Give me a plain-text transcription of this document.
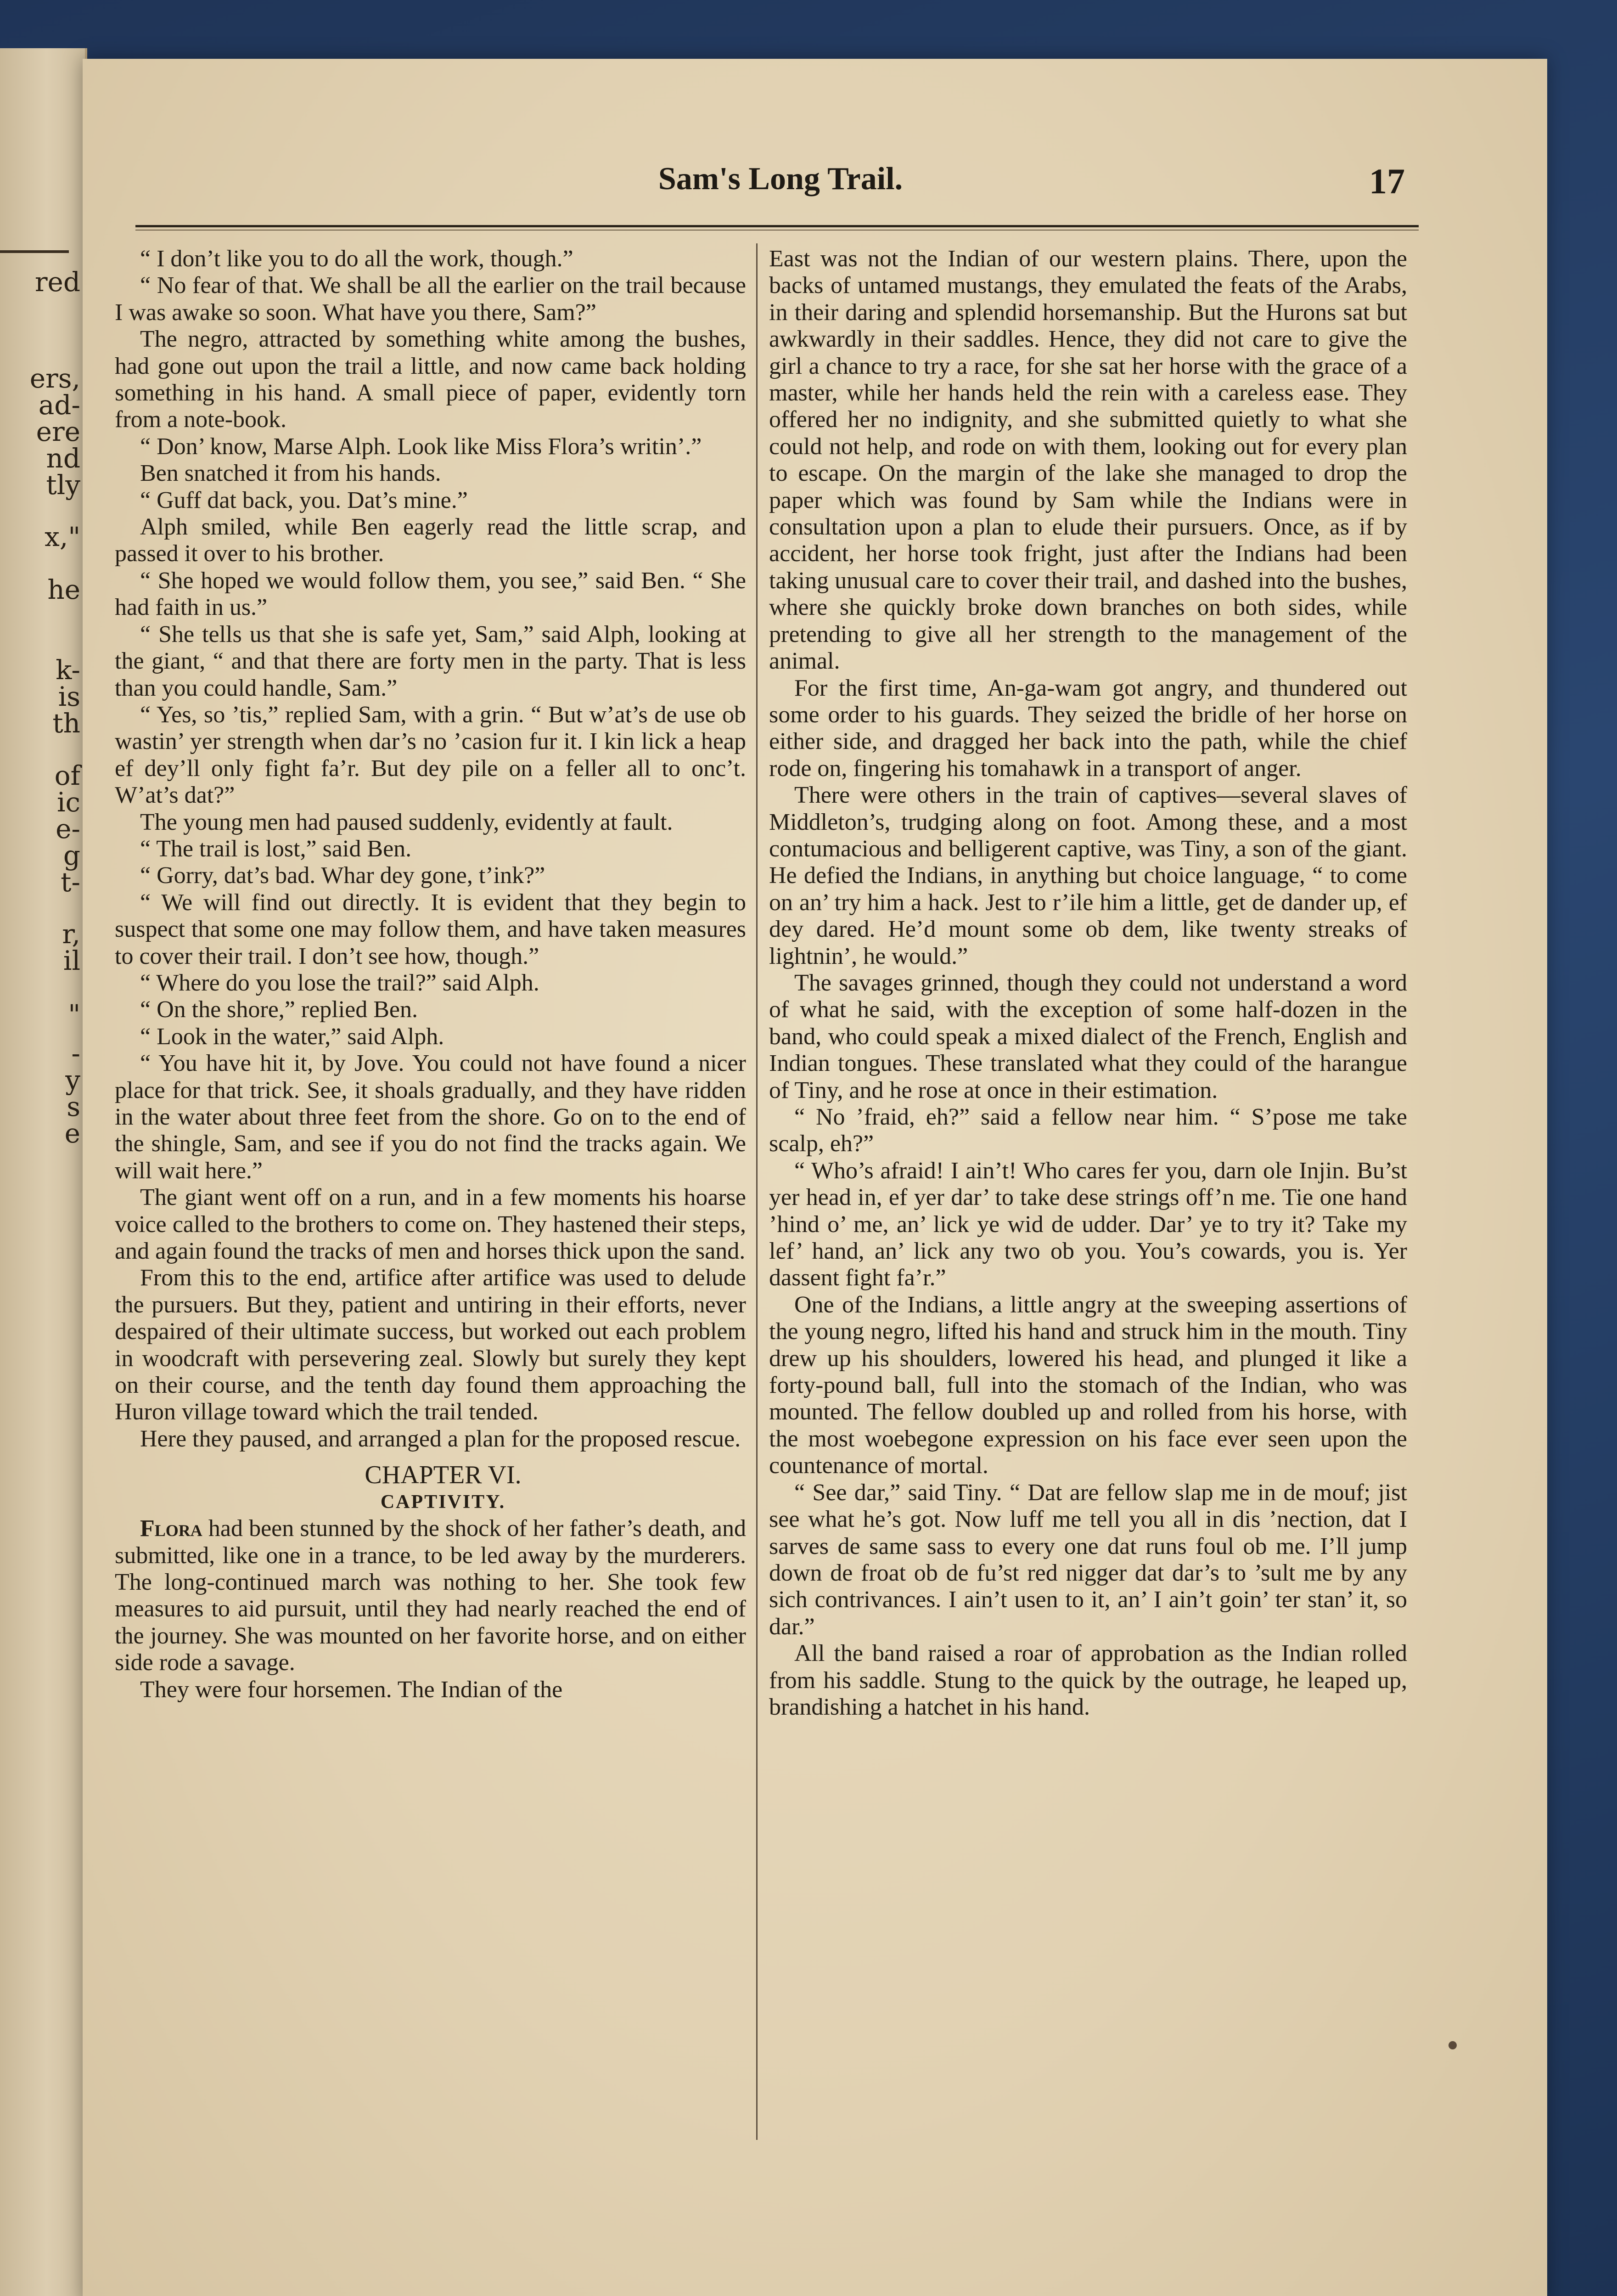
red
ers,
ad-
ere
nd
tly
x,"
he
k-
is
th
of
ic
e-
g
t-
r,
il
"
-
y
s
e
Sam's Long Trail.	17

“ I don’t like you to do all the work, though.”

“ No fear of that. We shall be all the earlier on the trail because I was awake so soon. What have you there, Sam?”

The negro, attracted by something white among the bushes, had gone out upon the trail a little, and now came back holding something in his hand. A small piece of paper, evidently torn from a note-book.

“ Don’ know, Marse Alph. Look like Miss Flora’s writin’.”

Ben snatched it from his hands.

“ Guff dat back, you. Dat’s mine.”

Alph smiled, while Ben eagerly read the little scrap, and passed it over to his brother.

“ She hoped we would follow them, you see,” said Ben. “ She had faith in us.”

“ She tells us that she is safe yet, Sam,” said Alph, looking at the giant, “ and that there are forty men in the party. That is less than you could handle, Sam.”

“ Yes, so ’tis,” replied Sam, with a grin. “ But w’at’s de use ob wastin’ yer strength when dar’s no ’casion fur it. I kin lick a heap ef dey’ll only fight fa’r. But dey pile on a feller all to onc’t. W’at’s dat?”

The young men had paused suddenly, evidently at fault.

“ The trail is lost,” said Ben.

“ Gorry, dat’s bad. Whar dey gone, t’ink?”

“ We will find out directly. It is evident that they begin to suspect that some one may follow them, and have taken measures to cover their trail. I don’t see how, though.”

“ Where do you lose the trail?” said Alph.

“ On the shore,” replied Ben.

“ Look in the water,” said Alph.

“ You have hit it, by Jove. You could not have found a nicer place for that trick. See, it shoals gradually, and they have ridden in the water about three feet from the shore. Go on to the end of the shingle, Sam, and see if you do not find the tracks again. We will wait here.”

The giant went off on a run, and in a few moments his hoarse voice called to the brothers to come on. They hastened their steps, and again found the tracks of men and horses thick upon the sand.

From this to the end, artifice after artifice was used to delude the pursuers. But they, patient and untiring in their efforts, never despaired of their ultimate success, but worked out each problem in woodcraft with persevering zeal. Slowly but surely they kept on their course, and the tenth day found them approaching the Huron village toward which the trail tended.

Here they paused, and arranged a plan for the proposed rescue.

CHAPTER VI.

CAPTIVITY.

Flora had been stunned by the shock of her father’s death, and submitted, like one in a trance, to be led away by the murderers. The long-continued march was nothing to her. She took few measures to aid pursuit, until they had nearly reached the end of the journey. She was mounted on her favorite horse, and on either side rode a savage.

They were four horsemen. The Indian of the

East was not the Indian of our western plains. There, upon the backs of untamed mustangs, they emulated the feats of the Arabs, in their daring and splendid horsemanship. But the Hurons sat but awkwardly in their saddles. Hence, they did not care to give the girl a chance to try a race, for she sat her horse with the grace of a master, while her hands held the rein with a careless ease. They offered her no indignity, and she submitted quietly to what she could not help, and rode on with them, looking out for every plan to escape. On the margin of the lake she managed to drop the paper which was found by Sam while the Indians were in consultation upon a plan to elude their pursuers. Once, as if by accident, her horse took fright, just after the Indians had been taking unusual care to cover their trail, and dashed into the bushes, where she quickly broke down branches on both sides, while pretending to give all her strength to the management of the animal.

For the first time, An-ga-wam got angry, and thundered out some order to his guards. They seized the bridle of her horse on either side, and dragged her back into the path, while the chief rode on, fingering his tomahawk in a transport of anger.

There were others in the train of captives—several slaves of Middleton’s, trudging along on foot. Among these, and a most contumacious and belligerent captive, was Tiny, a son of the giant. He defied the Indians, in anything but choice language, “ to come on an’ try him a hack. Jest to r’ile him a little, get de dander up, ef dey dared. He’d mount some ob dem, like twenty streaks of lightnin’, he would.”

The savages grinned, though they could not understand a word of what he said, with the exception of some half-dozen in the band, who could speak a mixed dialect of the French, English and Indian tongues. These translated what they could of the harangue of Tiny, and he rose at once in their estimation.

“ No ’fraid, eh?” said a fellow near him. “ S’pose me take scalp, eh?”

“ Who’s afraid! I ain’t! Who cares fer you, darn ole Injin. Bu’st yer head in, ef yer dar’ to take dese strings off’n me. Tie one hand ’hind o’ me, an’ lick ye wid de udder. Dar’ ye to try it? Take my lef’ hand, an’ lick any two ob you. You’s cowards, you is. Yer dassent fight fa’r.”

One of the Indians, a little angry at the sweeping assertions of the young negro, lifted his hand and struck him in the mouth. Tiny drew up his shoulders, lowered his head, and plunged it like a forty-pound ball, full into the stomach of the Indian, who was mounted. The fellow doubled up and rolled from his horse, with the most woebegone expression on his face ever seen upon the countenance of mortal.

“ See dar,” said Tiny. “ Dat are fellow slap me in de mouf; jist see what he’s got. Now luff me tell you all in dis ’nection, dat I sarves de same sass to every one dat runs foul ob me. I’ll jump down de froat ob de fu’st red nigger dat dar’s to ’sult me by any sich contrivances. I ain’t usen to it, an’ I ain’t goin’ ter stan’ it, so dar.”

All the band raised a roar of approbation as the Indian rolled from his saddle. Stung to the quick by the outrage, he leaped up, brandishing a hatchet in his hand.
